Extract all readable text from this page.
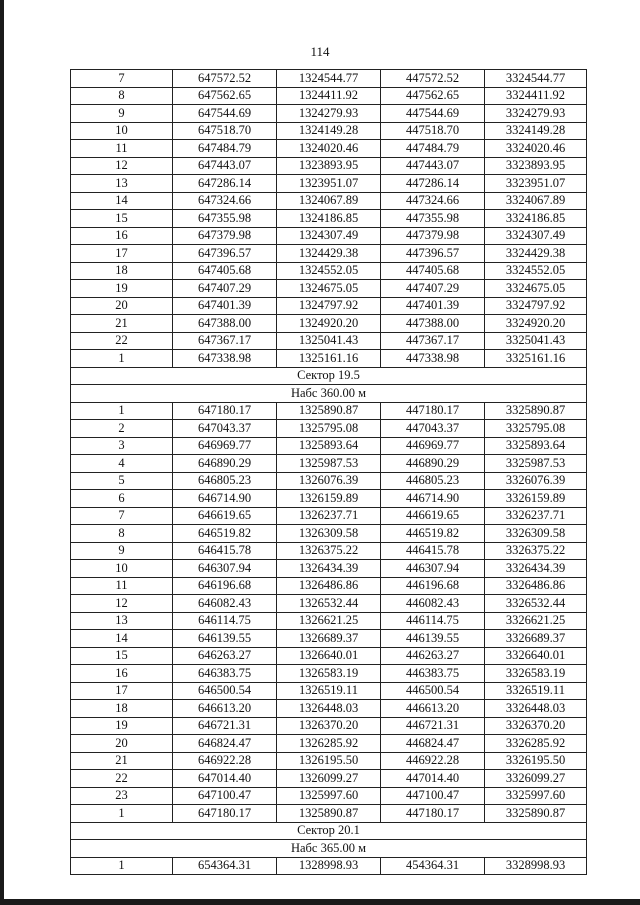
114
7	647572.52	1324544.77	447572.52	3324544.77
8	647562.65	1324411.92	447562.65	3324411.92
9	647544.69	1324279.93	447544.69	3324279.93
10	647518.70	1324149.28	447518.70	3324149.28
11	647484.79	1324020.46	447484.79	3324020.46
12	647443.07	1323893.95	447443.07	3323893.95
13	647286.14	1323951.07	447286.14	3323951.07
14	647324.66	1324067.89	447324.66	3324067.89
15	647355.98	1324186.85	447355.98	3324186.85
16	647379.98	1324307.49	447379.98	3324307.49
17	647396.57	1324429.38	447396.57	3324429.38
18	647405.68	1324552.05	447405.68	3324552.05
19	647407.29	1324675.05	447407.29	3324675.05
20	647401.39	1324797.92	447401.39	3324797.92
21	647388.00	1324920.20	447388.00	3324920.20
22	647367.17	1325041.43	447367.17	3325041.43
1	647338.98	1325161.16	447338.98	3325161.16
Сектор 19.5				
Набс 360.00 м				
1	647180.17	1325890.87	447180.17	3325890.87
2	647043.37	1325795.08	447043.37	3325795.08
3	646969.77	1325893.64	446969.77	3325893.64
4	646890.29	1325987.53	446890.29	3325987.53
5	646805.23	1326076.39	446805.23	3326076.39
6	646714.90	1326159.89	446714.90	3326159.89
7	646619.65	1326237.71	446619.65	3326237.71
8	646519.82	1326309.58	446519.82	3326309.58
9	646415.78	1326375.22	446415.78	3326375.22
10	646307.94	1326434.39	446307.94	3326434.39
11	646196.68	1326486.86	446196.68	3326486.86
12	646082.43	1326532.44	446082.43	3326532.44
13	646114.75	1326621.25	446114.75	3326621.25
14	646139.55	1326689.37	446139.55	3326689.37
15	646263.27	1326640.01	446263.27	3326640.01
16	646383.75	1326583.19	446383.75	3326583.19
17	646500.54	1326519.11	446500.54	3326519.11
18	646613.20	1326448.03	446613.20	3326448.03
19	646721.31	1326370.20	446721.31	3326370.20
20	646824.47	1326285.92	446824.47	3326285.92
21	646922.28	1326195.50	446922.28	3326195.50
22	647014.40	1326099.27	447014.40	3326099.27
23	647100.47	1325997.60	447100.47	3325997.60
1	647180.17	1325890.87	447180.17	3325890.87
Сектор 20.1				
Набс 365.00 м				
1	654364.31	1328998.93	454364.31	3328998.93
